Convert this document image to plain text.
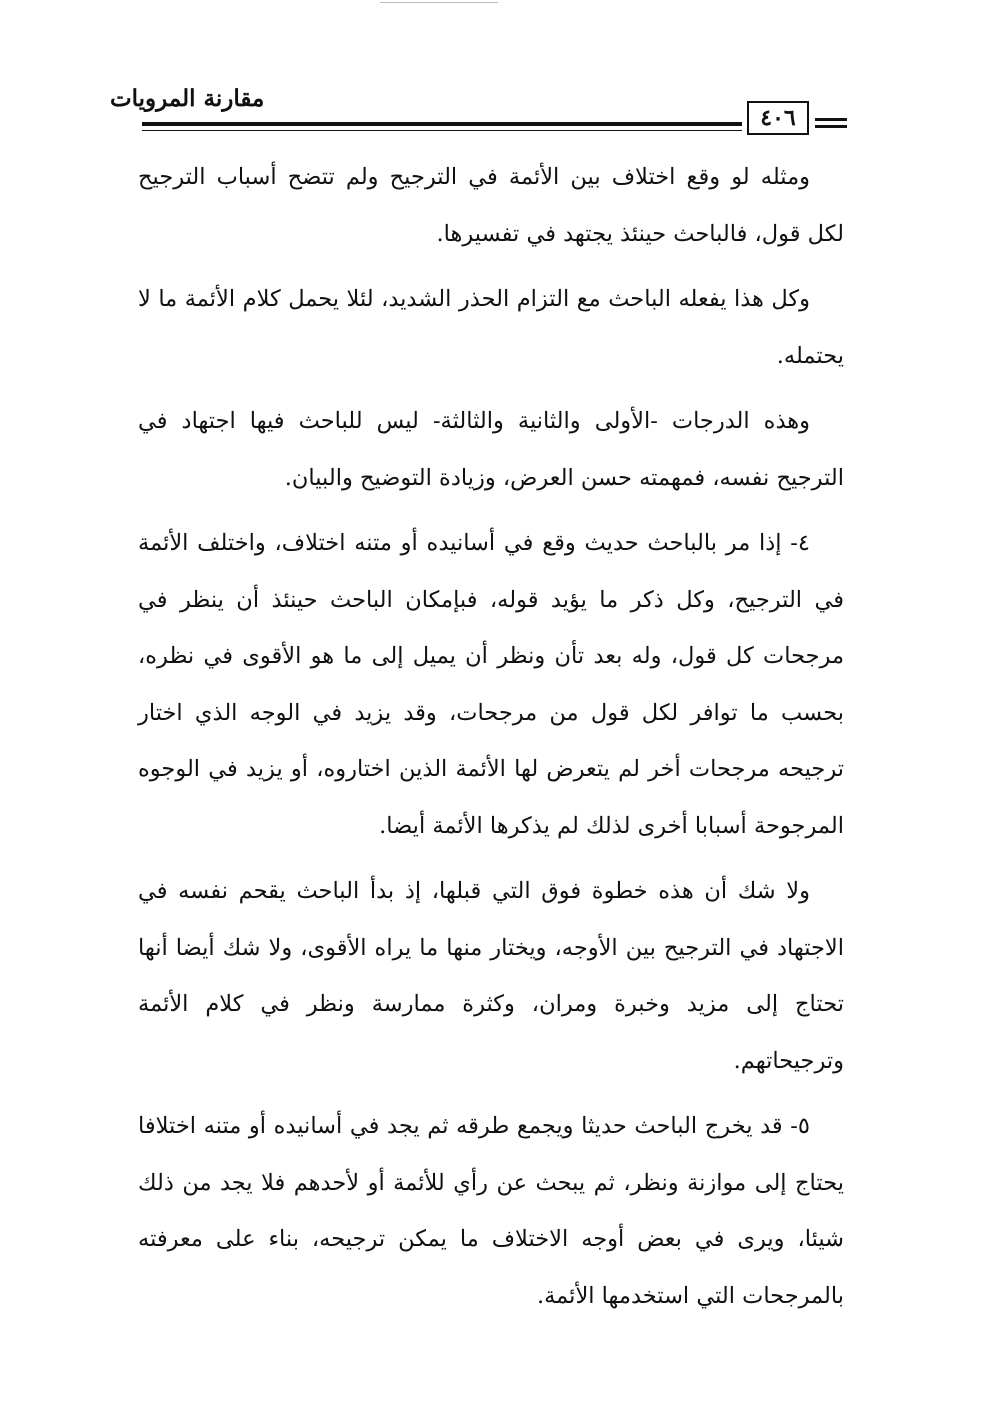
مقارنة المرويات
٤٠٦

ومثله لو وقع اختلاف بين الأئمة في الترجيح ولم تتضح أسباب الترجيح لكل قول، فالباحث حينئذ يجتهد في تفسيرها.

وكل هذا يفعله الباحث مع التزام الحذر الشديد، لئلا يحمل كلام الأئمة ما لا يحتمله.

وهذه الدرجات -الأولى والثانية والثالثة- ليس للباحث فيها اجتهاد في الترجيح نفسه، فمهمته حسن العرض، وزيادة التوضيح والبيان.

٤- إذا مر بالباحث حديث وقع في أسانيده أو متنه اختلاف، واختلف الأئمة في الترجيح، وكل ذكر ما يؤيد قوله، فبإمكان الباحث حينئذ أن ينظر في مرجحات كل قول، وله بعد تأن ونظر أن يميل إلى ما هو الأقوى في نظره، بحسب ما توافر لكل قول من مرجحات، وقد يزيد في الوجه الذي اختار ترجيحه مرجحات أخر لم يتعرض لها الأئمة الذين اختاروه، أو يزيد في الوجوه المرجوحة أسبابا أخرى لذلك لم يذكرها الأئمة أيضا.

ولا شك أن هذه خطوة فوق التي قبلها، إذ بدأ الباحث يقحم نفسه في الاجتهاد في الترجيح بين الأوجه، ويختار منها ما يراه الأقوى، ولا شك أيضا أنها تحتاج إلى مزيد وخبرة ومران، وكثرة ممارسة ونظر في كلام الأئمة وترجيحاتهم.

٥- قد يخرج الباحث حديثا ويجمع طرقه ثم يجد في أسانيده أو متنه اختلافا يحتاج إلى موازنة ونظر، ثم يبحث عن رأي للأئمة أو لأحدهم فلا يجد من ذلك شيئا، ويرى في بعض أوجه الاختلاف ما يمكن ترجيحه، بناء على معرفته بالمرجحات التي استخدمها الأئمة.
